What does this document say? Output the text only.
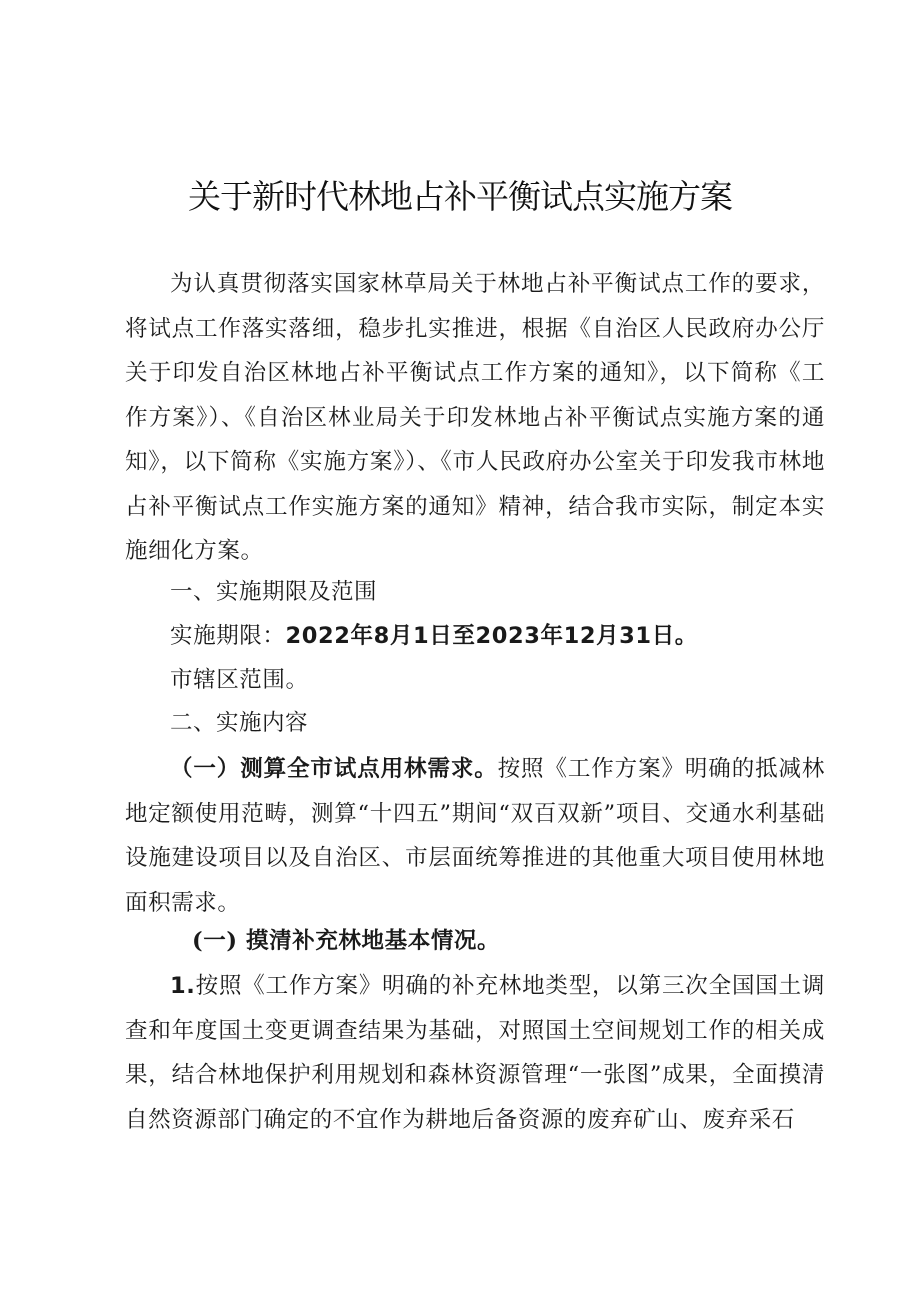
关于新时代林地占补平衡试点实施方案
为认真贯彻落实国家林草局关于林地占补平衡试点工作的要求，将试点工作落实落细，稳步扎实推进，根据《自治区人民政府办公厅关于印发自治区林地占补平衡试点工作方案的通知》，以下简称《工作方案》）、《自治区林业局关于印发林地占补平衡试点实施方案的通知》，以下简称《实施方案》）、《市人民政府办公室关于印发我市林地占补平衡试点工作实施方案的通知》精神，结合我市实际，制定本实施细化方案。
一、实施期限及范围
实施期限：2022年8月1日至2023年12月31日。
市辖区范围。
二、实施内容
（一）测算全市试点用林需求。按照《工作方案》明确的抵减林地定额使用范畴，测算“十四五”期间“双百双新”项目、交通水利基础设施建设项目以及自治区、市层面统筹推进的其他重大项目使用林地面积需求。
(一) 摸清补充林地基本情况。
1.按照《工作方案》明确的补充林地类型，以第三次全国国土调查和年度国土变更调查结果为基础，对照国土空间规划工作的相关成果，结合林地保护利用规划和森林资源管理“一张图”成果，全面摸清自然资源部门确定的不宜作为耕地后备资源的废弃矿山、废弃采石
